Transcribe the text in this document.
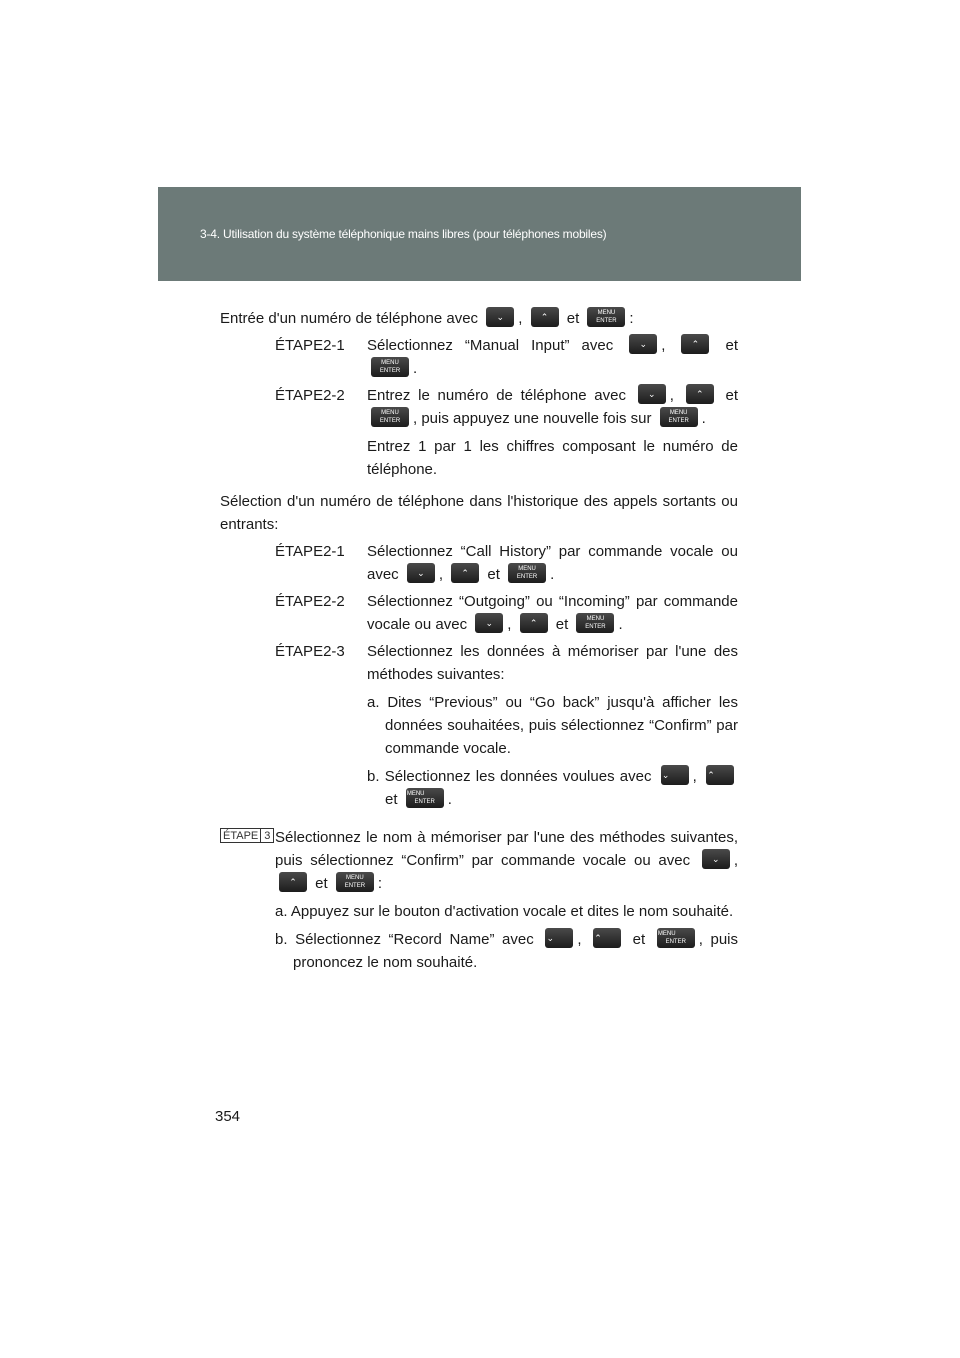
3-4. Utilisation du système téléphonique mains libres (pour téléphones mobiles)

Entrée d'un numéro de téléphone avec ⌄ , ⌃ et	MENU
ENTER :

ÉTAPE2-1	Sélectionnez “Manual Input” avec	⌄ , ⌃ et MENU
ENTER .
ÉTAPE2-2	Entrez le numéro de téléphone avec ⌄ , ⌃ et MENU
ENTER , puis appuyez une nouvelle fois sur	MENU
ENTER .

Entrez 1 par 1 les chiffres composant le numéro de téléphone.

Sélection d'un numéro de téléphone dans l'historique des appels sortants ou entrants:

ÉTAPE2-1	Sélectionnez “Call History” par commande vocale ou avec ⌄ , ⌃ et	MENU
ENTER .
ÉTAPE2-2	Sélectionnez “Outgoing” ou “Incoming” par commande vocale ou avec ⌄ , ⌃ et	MENU
ENTER .
ÉTAPE2-3	Sélectionnez les données à mémoriser par l'une des méthodes suivantes:

a. Dites “Previous” ou “Go back” jusqu'à afficher les données souhaitées, puis sélectionnez “Confirm” par commande vocale.

b. Sélectionnez les données voulues avec ⌄ , ⌃ et MENU
ENTER .

ÉTAPE 3 Sélectionnez le nom à mémoriser par l'une des méthodes suivantes, puis sélectionnez “Confirm” par commande vocale ou avec ⌄ , ⌃ et	MENU
ENTER :

a. Appuyez sur le bouton d'activation vocale et dites le nom souhaité.

b. Sélectionnez “Record Name” avec ⌄ , ⌃ et MENU
ENTER , puis prononcez le nom souhaité.

354
